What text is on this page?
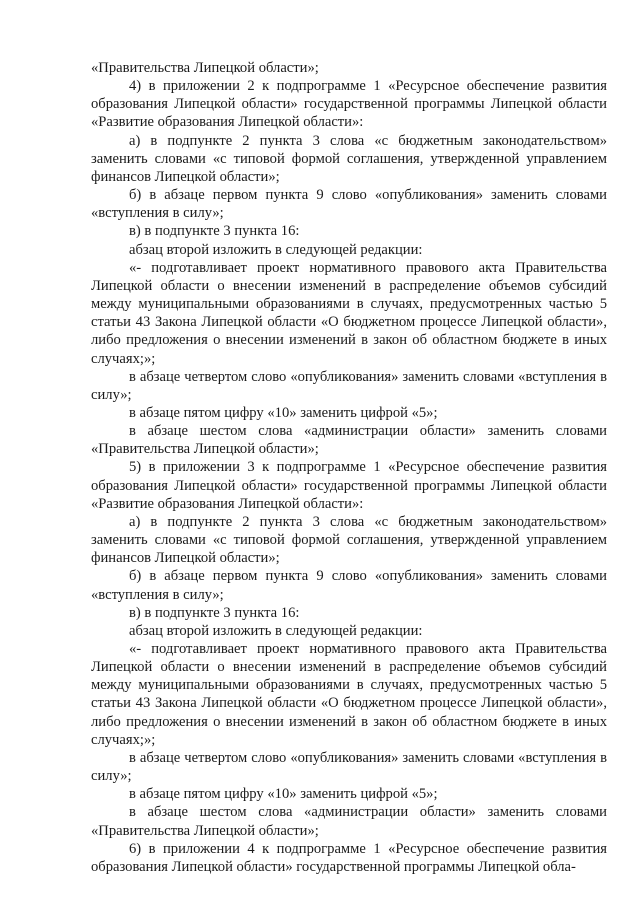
«Правительства Липецкой области»;

4) в приложении 2 к подпрограмме 1 «Ресурсное обеспечение развития образования Липецкой области» государственной программы Липецкой области «Развитие образования Липецкой области»:

а) в подпункте 2 пункта 3 слова «с бюджетным законодательством» заменить словами «с типовой формой соглашения, утвержденной управлением финансов Липецкой области»;

б) в абзаце первом пункта 9 слово «опубликования» заменить словами «вступления в силу»;

в) в подпункте 3 пункта 16:

абзац второй изложить в следующей редакции:

«- подготавливает проект нормативного правового акта Правительства Липецкой области о внесении изменений в распределение объемов субсидий между муниципальными образованиями в случаях, предусмотренных частью 5 статьи 43 Закона Липецкой области «О бюджетном процессе Липецкой области», либо предложения о внесении изменений в закон об областном бюджете в иных случаях;»;

в абзаце четвертом слово «опубликования» заменить словами «вступления в силу»;

в абзаце пятом цифру «10» заменить цифрой «5»;

в абзаце шестом слова «администрации области» заменить словами «Правительства Липецкой области»;

5) в приложении 3 к подпрограмме 1 «Ресурсное обеспечение развития образования Липецкой области» государственной программы Липецкой области «Развитие образования Липецкой области»:

а) в подпункте 2 пункта 3 слова «с бюджетным законодательством» заменить словами «с типовой формой соглашения, утвержденной управлением финансов Липецкой области»;

б) в абзаце первом пункта 9 слово «опубликования» заменить словами «вступления в силу»;

в) в подпункте 3 пункта 16:

абзац второй изложить в следующей редакции:

«- подготавливает проект нормативного правового акта Правительства Липецкой области о внесении изменений в распределение объемов субсидий между муниципальными образованиями в случаях, предусмотренных частью 5 статьи 43 Закона Липецкой области «О бюджетном процессе Липецкой области», либо предложения о внесении изменений в закон об областном бюджете в иных случаях;»;

в абзаце четвертом слово «опубликования» заменить словами «вступления в силу»;

в абзаце пятом цифру «10» заменить цифрой «5»;

в абзаце шестом слова «администрации области» заменить словами «Правительства Липецкой области»;

6) в приложении 4 к подпрограмме 1 «Ресурсное обеспечение развития образования Липецкой области» государственной программы Липецкой обла-
